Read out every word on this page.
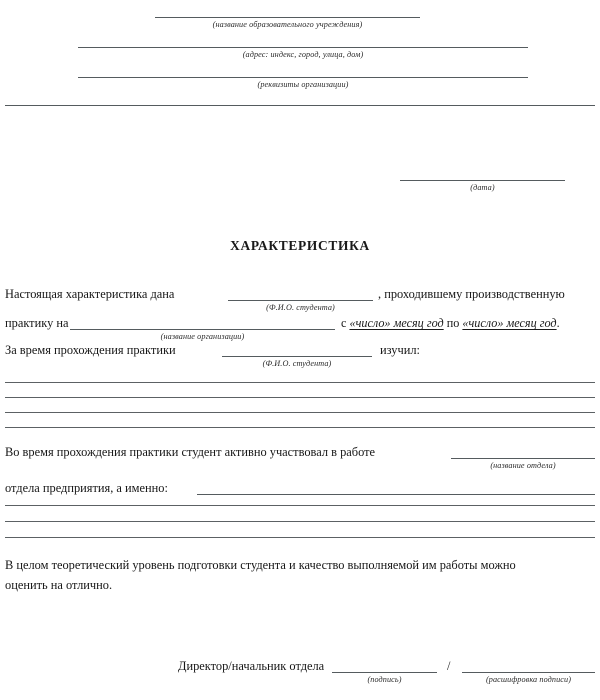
(название образовательного учреждения)
(адрес: индекс, город, улица, дом)
(реквизиты организации)
(дата)
ХАРАКТЕРИСТИКА
Настоящая характеристика дана
(Ф.И.О. студента)
, проходившему производственную
практику на
(название организации)
с «число» месяц год по «число» месяц год.
За время прохождения практики
(Ф.И.О. студента)
изучил:
Во время прохождения практики студент активно участвовал в работе
(название отдела)
отдела предприятия, а именно:
В целом теоретический уровень подготовки студента и качество выполняемой им работы можно
оценить на отлично.
Директор/начальник отдела
(подпись)
/
(расшифровка подписи)
